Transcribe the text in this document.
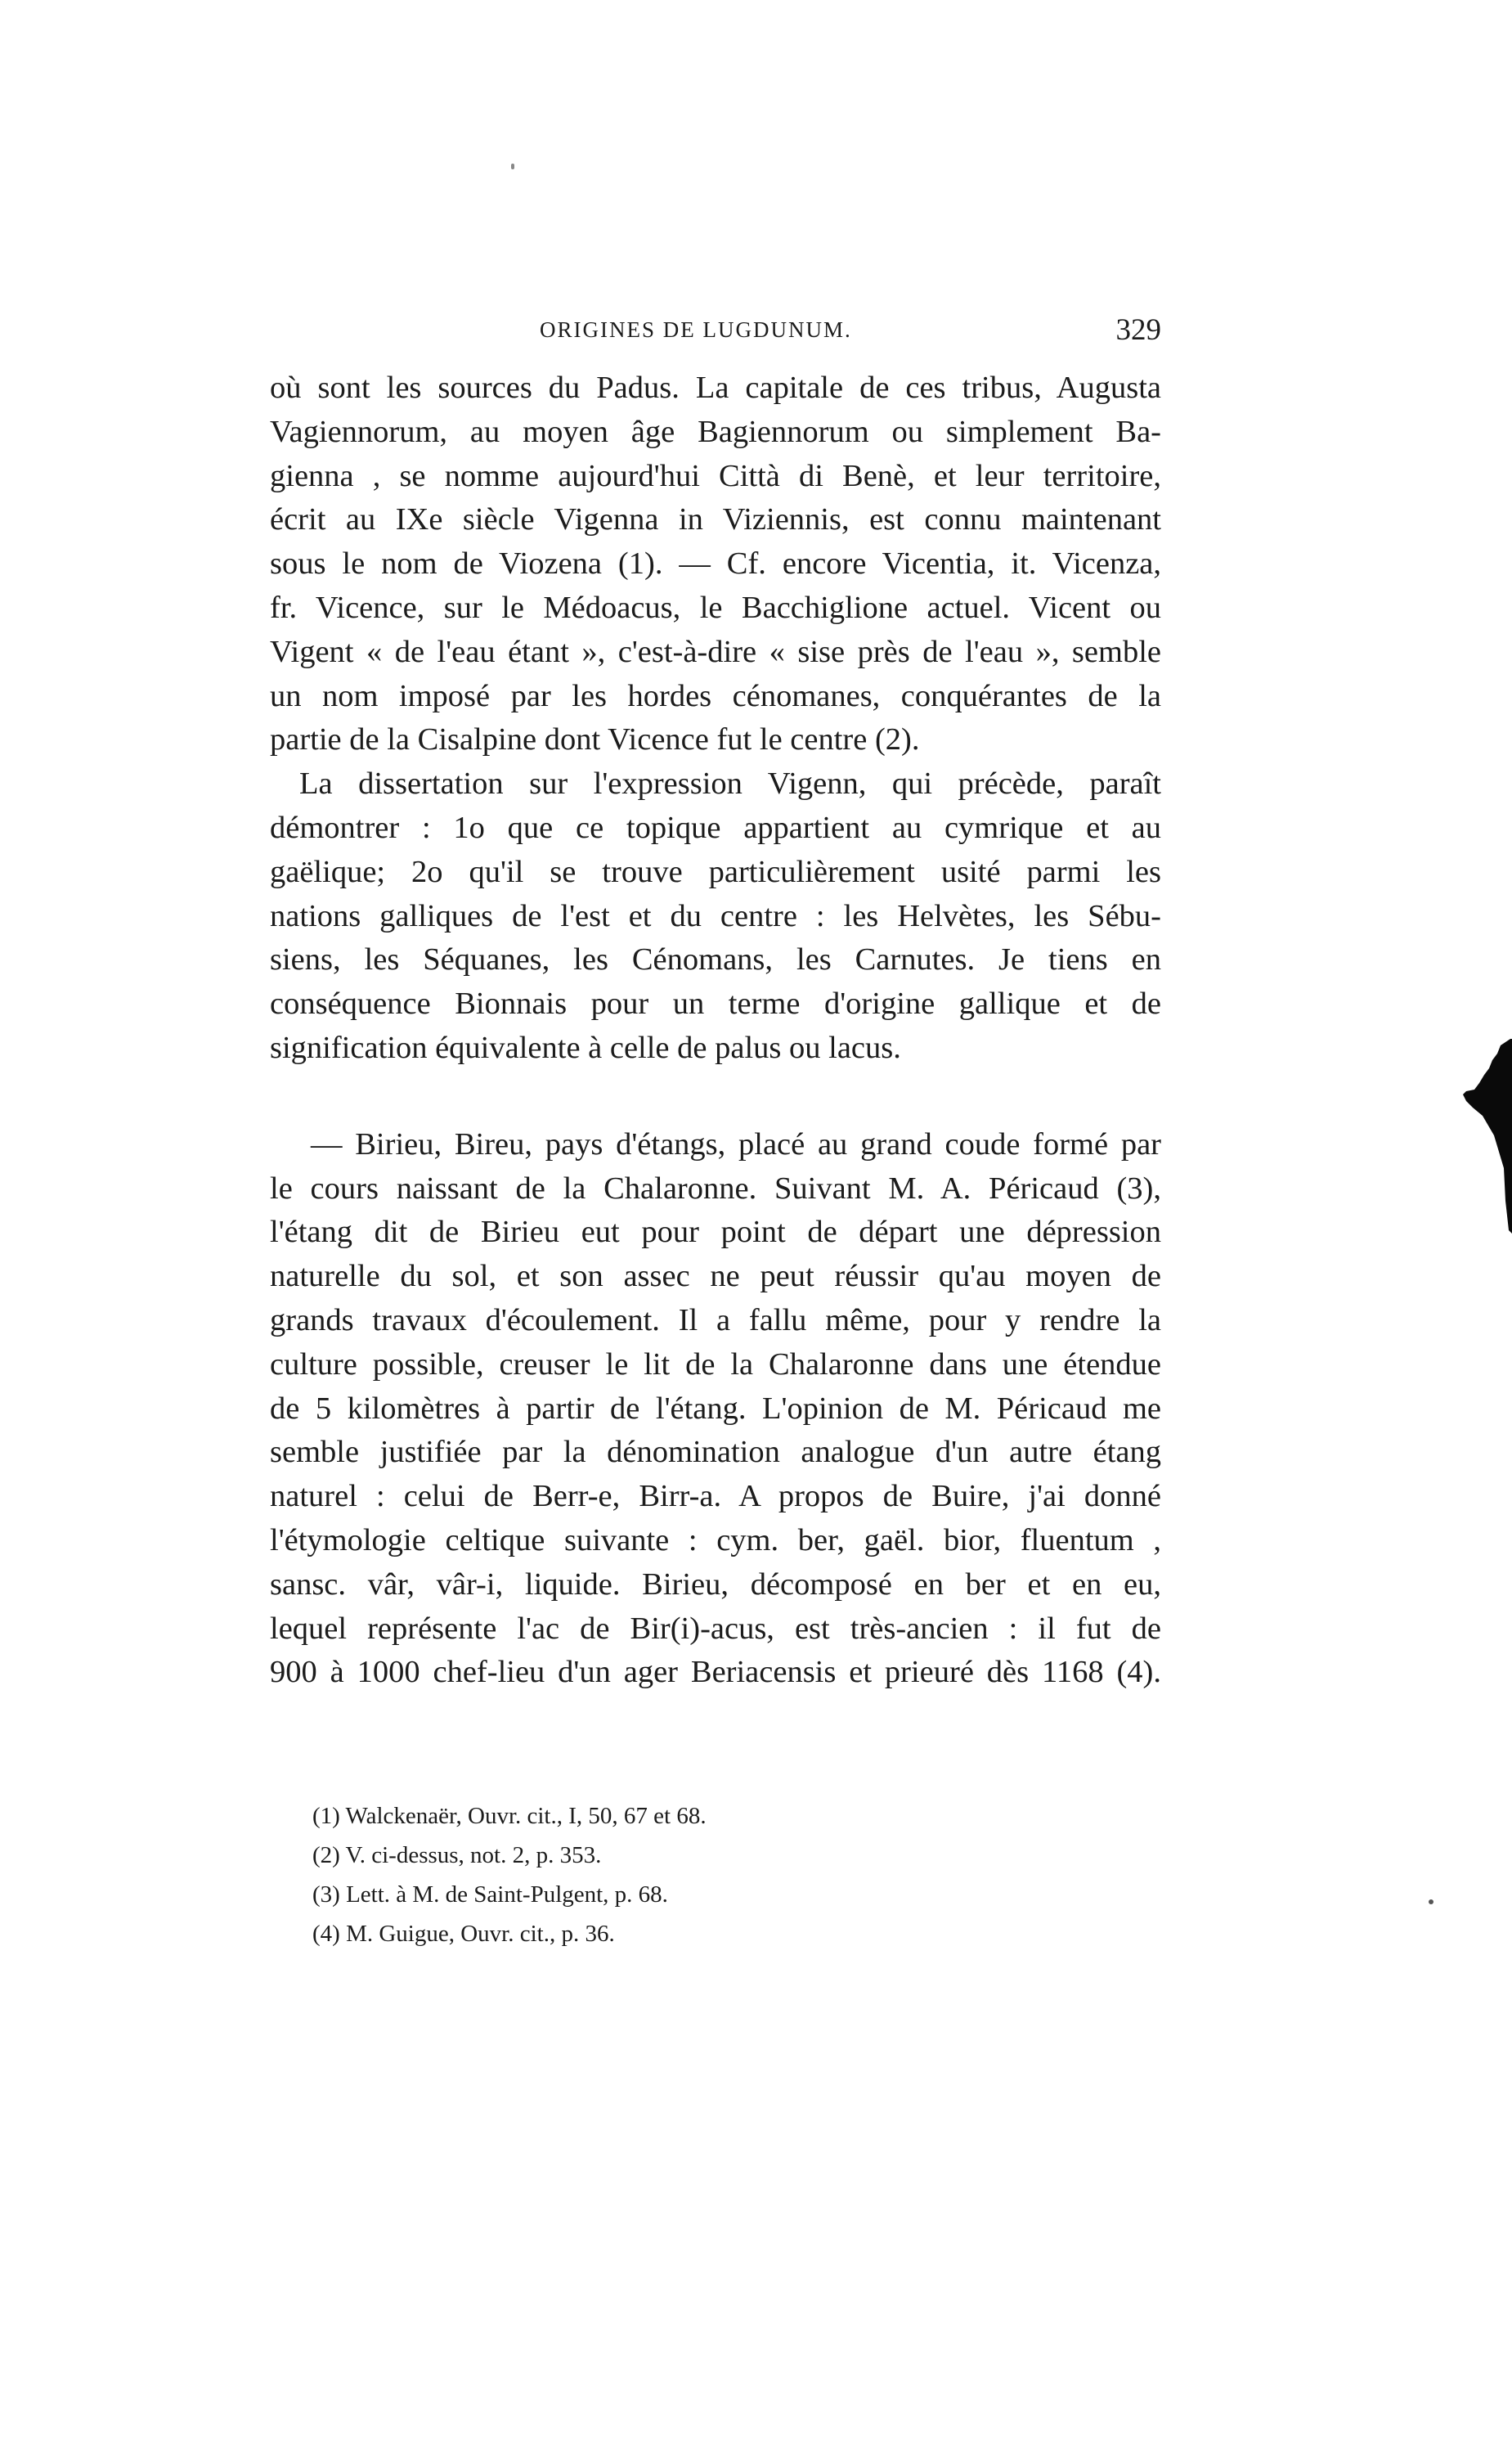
ORIGINES DE LUGDUNUM.	329
où sont les sources du Padus. La capitale de ces tribus, Augusta
Vagiennorum, au moyen âge Bagiennorum ou simplement Ba-
gienna , se nomme aujourd'hui Città di Benè, et leur territoire,
écrit au IXe siècle Vigenna in Viziennis, est connu maintenant
sous le nom de Viozena (1). — Cf. encore Vicentia, it. Vicenza,
fr. Vicence, sur le Médoacus, le Bacchiglione actuel. Vicent ou
Vigent « de l'eau étant », c'est-à-dire « sise près de l'eau », semble
un nom imposé par les hordes cénomanes, conquérantes de la
partie de la Cisalpine dont Vicence fut le centre (2).
La dissertation sur l'expression Vigenn, qui précède, paraît
démontrer : 1o que ce topique appartient au cymrique et au
gaëlique; 2o qu'il se trouve particulièrement usité parmi les
nations galliques de l'est et du centre : les Helvètes, les Sébu-
siens, les Séquanes, les Cénomans, les Carnutes. Je tiens en
conséquence Bionnais pour un terme d'origine gallique et de
signification équivalente à celle de palus ou lacus.
— Birieu, Bireu, pays d'étangs, placé au grand coude formé par
le cours naissant de la Chalaronne. Suivant M. A. Péricaud (3),
l'étang dit de Birieu eut pour point de départ une dépression
naturelle du sol, et son assec ne peut réussir qu'au moyen de
grands travaux d'écoulement. Il a fallu même, pour y rendre la
culture possible, creuser le lit de la Chalaronne dans une étendue
de 5 kilomètres à partir de l'étang. L'opinion de M. Péricaud me
semble justifiée par la dénomination analogue d'un autre étang
naturel : celui de Berr-e, Birr-a. A propos de Buire, j'ai donné
l'étymologie celtique suivante : cym. ber, gaël. bior, fluentum ,
sansc. vâr, vâr-i, liquide. Birieu, décomposé en ber et en eu,
lequel représente l'ac de Bir(i)-acus, est très-ancien : il fut de
900 à 1000 chef-lieu d'un ager Beriacensis et prieuré dès 1168 (4).
(1) Walckenaër, Ouvr. cit., I, 50, 67 et 68.
(2) V. ci-dessus, not. 2, p. 353.
(3) Lett. à M. de Saint-Pulgent, p. 68.
(4) M. Guigue, Ouvr. cit., p. 36.
